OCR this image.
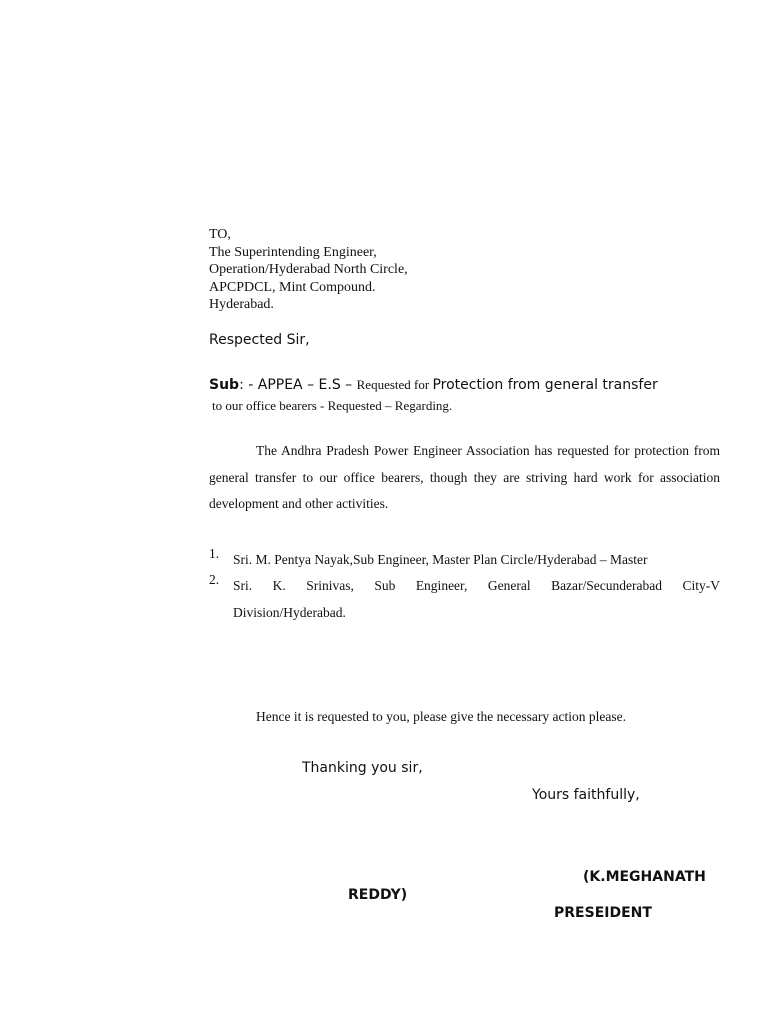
TO,
The Superintending Engineer,
Operation/Hyderabad North Circle,
APCPDCL, Mint Compound.
Hyderabad.
Respected Sir,
Sub: - APPEA – E.S – Requested for Protection from general transfer
to our office bearers - Requested – Regarding.
The Andhra Pradesh Power Engineer Association has requested for protection from general transfer to our office bearers, though they are striving hard work for association development and other activities.
1. Sri. M. Pentya Nayak,Sub Engineer, Master Plan Circle/Hyderabad – Master
2. Sri. K. Srinivas, Sub Engineer, General Bazar/Secunderabad City-V
Division/Hyderabad.
Hence it is requested to you, please give the necessary action please.
Thanking you sir,
Yours faithfully,
(K.MEGHANATH
REDDY)
PRESEIDENT
